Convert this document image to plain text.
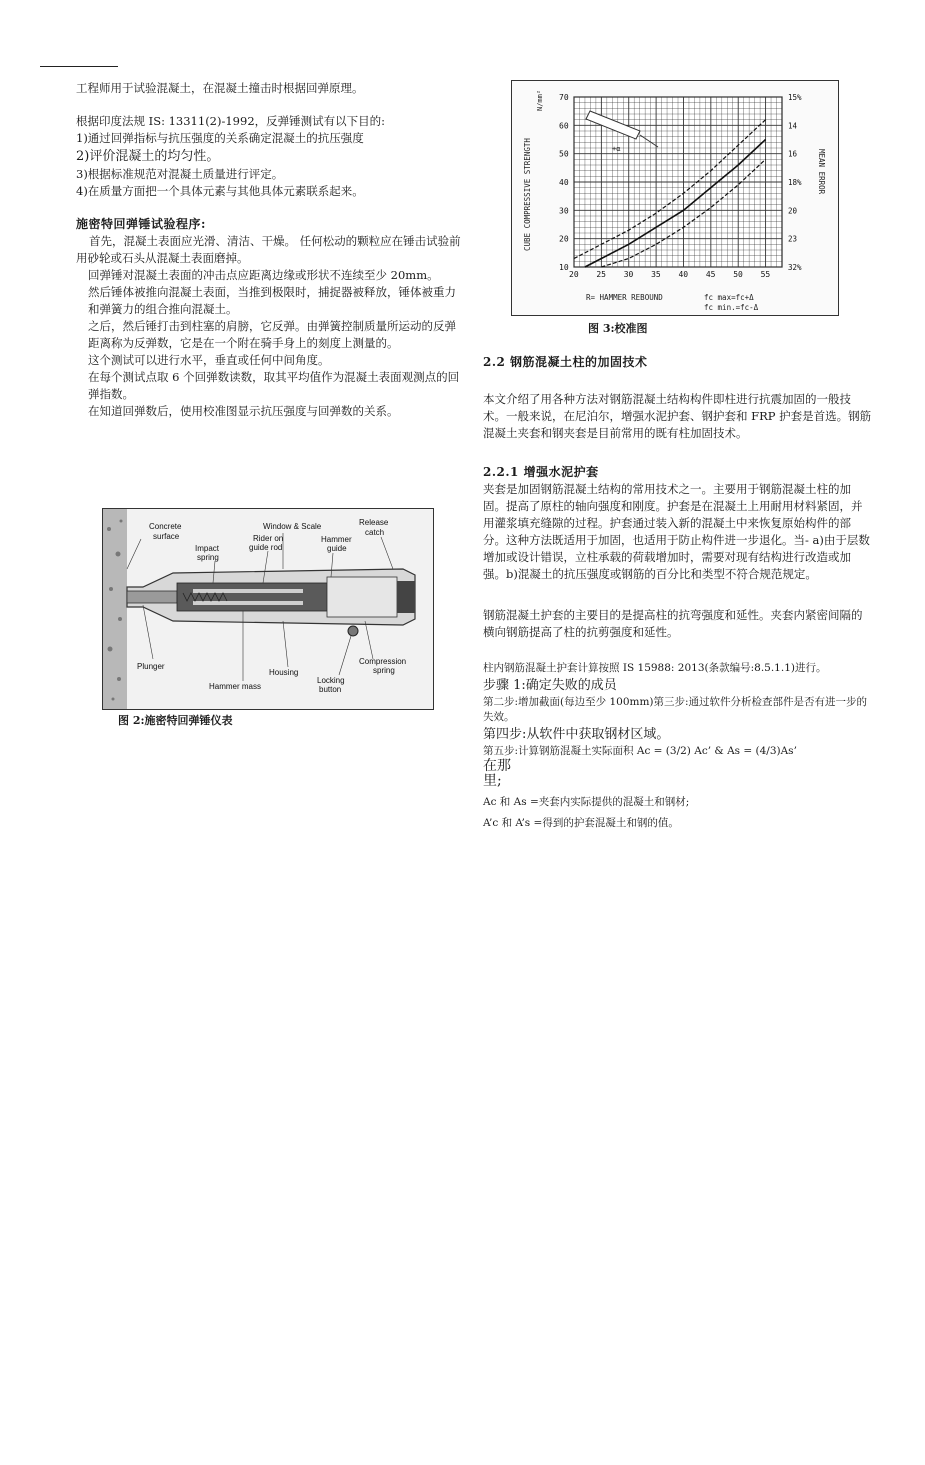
工程师用于试验混凝土，在混凝土撞击时根据回弹原理。

根据印度法规 IS: 13311(2)-1992，反弹锤测试有以下目的:

1)通过回弹指标与抗压强度的关系确定混凝土的抗压强度

2)评价混凝土的均匀性。

3)根据标准规范对混凝土质量进行评定。

4)在质量方面把一个具体元素与其他具体元素联系起来。

施密特回弹锤试验程序:

首先，混凝土表面应光滑、清洁、干燥。 任何松动的颗粒应在锤击试验前用砂轮或石头从混凝土表面磨掉。

回弹锤对混凝土表面的冲击点应距离边缘或形状不连续至少 20mm。

然后锤体被推向混凝土表面，当推到极限时，捕捉器被释放，锤体被重力和弹簧力的组合推向混凝土。

之后，然后锤打击到柱塞的肩膀，它反弹。由弹簧控制质量所运动的反弹距离称为反弹数，它是在一个附在骑手身上的刻度上测量的。

这个测试可以进行水平，垂直或任何中间角度。

在每个测试点取 6 个回弹数读数，取其平均值作为混凝土表面观测点的回弹指数。

在知道回弹数后，使用校准图显示抗压强度与回弹数的关系。

Concrete
surface
Window & Scale	Release
catch
Impact
spring
Rider on
guide rod
Hammer
guide
Plunger
Housing
Hammer mass
Locking
button
Compression
spring

图 2:施密特回弹锤仪表

20 25 30 35 40 45 50 55
10
20
30
40
50
60
70	15%
14
16
18%
20
23
32%
CUBE COMPRESSIVE STRENGTH
N/mm²
MEAN ERROR
R= HAMMER REBOUND	fc max=fc+Δ
fc min.=fc-Δ
+α

图 3:校准图

2.2 钢筋混凝土柱的加固技术

本文介绍了用各种方法对钢筋混凝土结构构件即柱进行抗震加固的一般技术。一般来说，在尼泊尔，增强水泥护套、钢护套和 FRP 护套是首选。钢筋混凝土夹套和钢夹套是目前常用的既有柱加固技术。

2.2.1 增强水泥护套

夹套是加固钢筋混凝土结构的常用技术之一。主要用于钢筋混凝土柱的加固。提高了原柱的轴向强度和刚度。护套是在混凝土上用耐用材料紧固，并用灌浆填充缝隙的过程。护套通过装入新的混凝土中来恢复原始构件的部分。这种方法既适用于加固，也适用于防止构件进一步退化。当- a)由于层数增加或设计错误，立柱承载的荷载增加时，需要对现有结构进行改造或加强。b)混凝土的抗压强度或钢筋的百分比和类型不符合规范规定。

钢筋混凝土护套的主要目的是提高柱的抗弯强度和延性。夹套内紧密间隔的横向钢筋提高了柱的抗剪强度和延性。

柱内钢筋混凝土护套计算按照 IS 15988: 2013(条款编号:8.5.1.1)进行。

步骤 1:确定失败的成员

第二步:增加截面(每边至少 100mm)第三步:通过软件分析检查部件是否有进一步的失效。

第四步:从软件中获取钢材区域。

第五步:计算钢筋混凝土实际面积 Ac = (3/2) Ac’ & As = (4/3)As’

在那里;

Ac 和 As =夹套内实际提供的混凝土和钢材;

A’c 和 A’s =得到的护套混凝土和钢的值。
